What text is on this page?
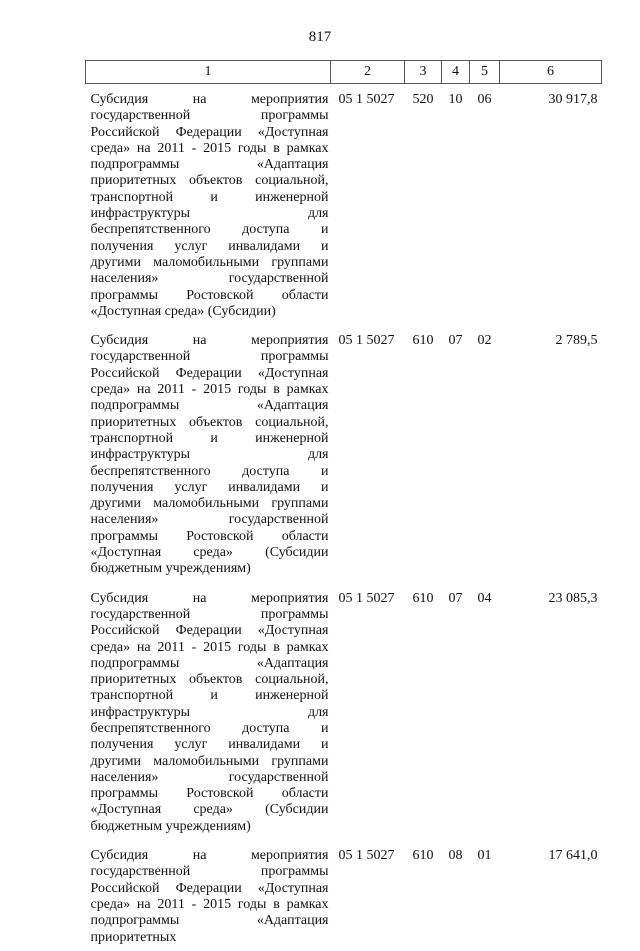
817
1	2	3	4	5	6
Субсидия на мероприятия государственной программы Российской Федерации «Доступная среда» на 2011 - 2015 годы в рамках подпрограммы «Адаптация приоритетных объектов социальной, транспортной и инженерной инфраструктуры для беспрепятственного доступа и получения услуг инвалидами и другими маломобильными группами населения» государственной программы Ростовской области «Доступная среда» (Субсидии)	05 1 5027	520	10	06	30 917,8
Субсидия на мероприятия государственной программы Российской Федерации «Доступная среда» на 2011 - 2015 годы в рамках подпрограммы «Адаптация приоритетных объектов социальной, транспортной и инженерной инфраструктуры для беспрепятственного доступа и получения услуг инвалидами и другими маломобильными группами населения» государственной программы Ростовской области «Доступная среда» (Субсидии бюджетным учреждениям)	05 1 5027	610	07	02	2 789,5
Субсидия на мероприятия государственной программы Российской Федерации «Доступная среда» на 2011 - 2015 годы в рамках подпрограммы «Адаптация приоритетных объектов социальной, транспортной и инженерной инфраструктуры для беспрепятственного доступа и получения услуг инвалидами и другими маломобильными группами населения» государственной программы Ростовской области «Доступная среда» (Субсидии бюджетным учреждениям)	05 1 5027	610	07	04	23 085,3
Субсидия на мероприятия государственной программы Российской Федерации «Доступная среда» на 2011 - 2015 годы в рамках подпрограммы «Адаптация приоритетных	05 1 5027	610	08	01	17 641,0
